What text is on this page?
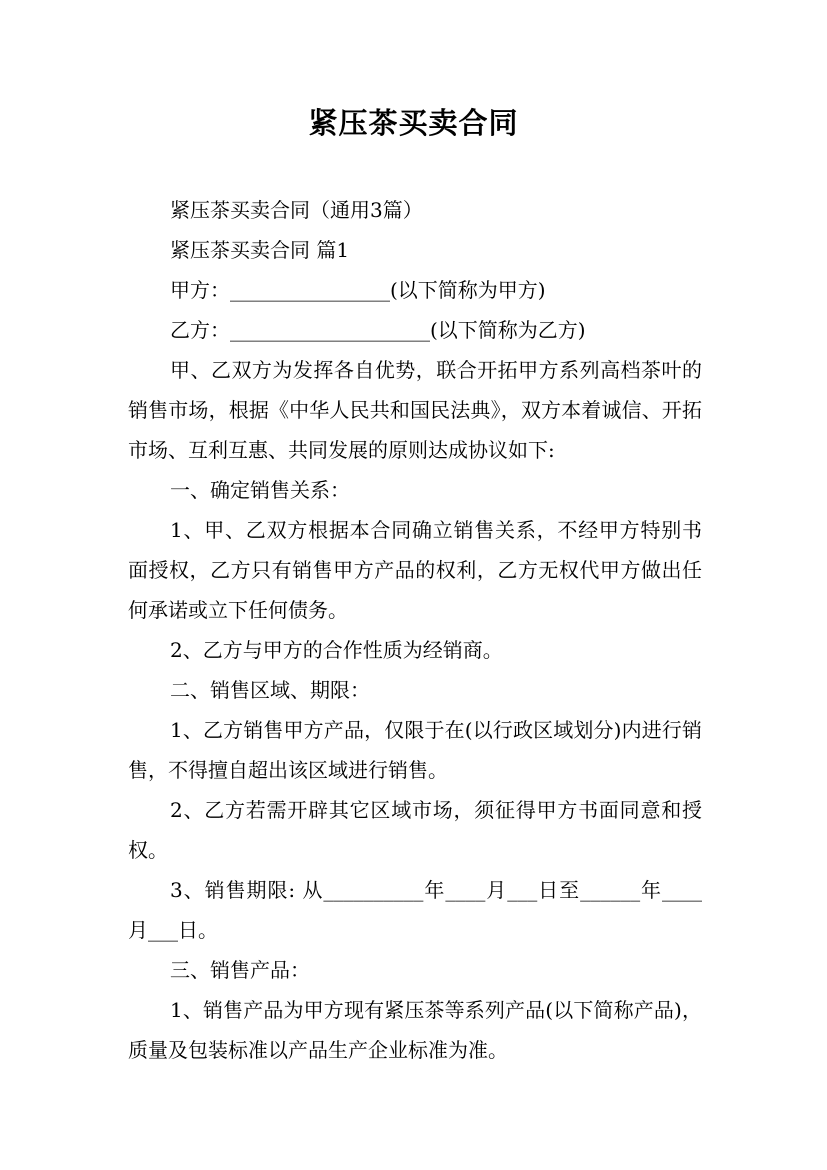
紧压茶买卖合同

紧压茶买卖合同（通用3篇）

紧压茶买卖合同 篇1

甲方：________________(以下简称为甲方)

乙方：____________________(以下简称为乙方)

甲、乙双方为发挥各自优势，联合开拓甲方系列高档茶叶的销售市场，根据《中华人民共和国民法典》，双方本着诚信、开拓市场、互利互惠、共同发展的原则达成协议如下:

一、确定销售关系：

1、甲、乙双方根据本合同确立销售关系，不经甲方特别书面授权，乙方只有销售甲方产品的权利，乙方无权代甲方做出任何承诺或立下任何债务。

2、乙方与甲方的合作性质为经销商。

二、销售区域、期限：

1、乙方销售甲方产品，仅限于在(以行政区域划分)内进行销售，不得擅自超出该区域进行销售。

2、乙方若需开辟其它区域市场，须征得甲方书面同意和授权。

3、销售期限: 从__________年____月___日至______年____月___日。

三、销售产品：

1、销售产品为甲方现有紧压茶等系列产品(以下简称产品)，质量及包装标准以产品生产企业标准为准。
